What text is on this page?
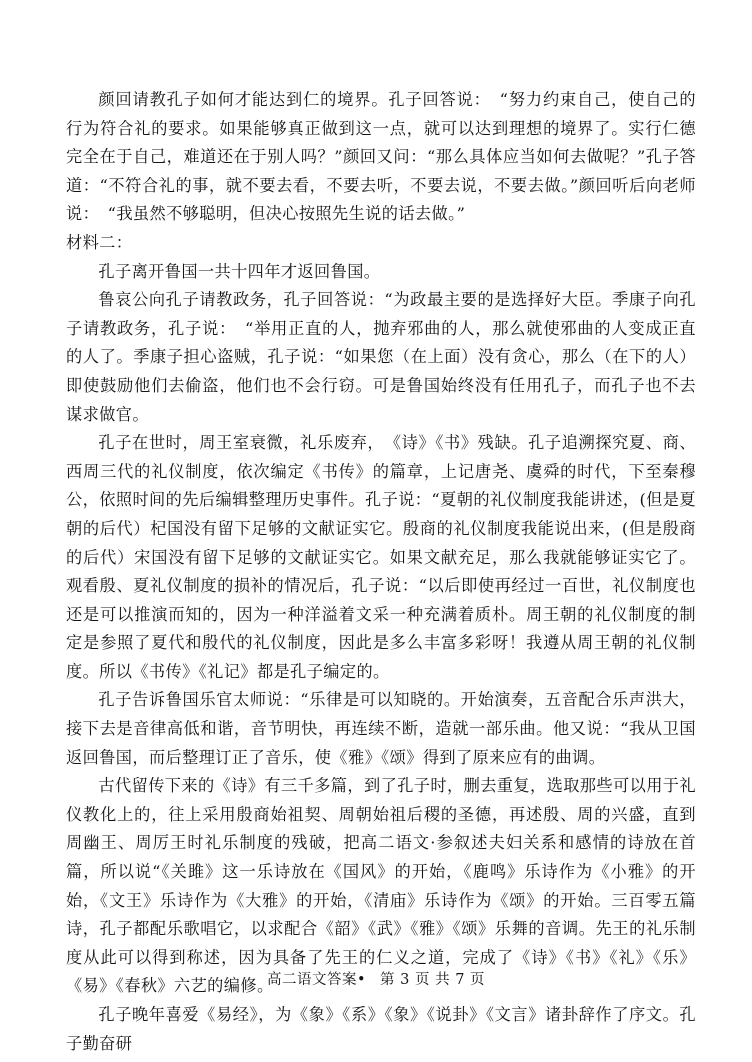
颜回请教孔子如何才能达到仁的境界。孔子回答说：　“努力约束自己，使自己的行为符合礼的要求。如果能够真正做到这一点，就可以达到理想的境界了。实行仁德完全在于自己，难道还在于别人吗？”颜回又问：“那么具体应当如何去做呢？”孔子答道：“不符合礼的事，就不要去看，不要去听，不要去说，不要去做。”颜回听后向老师说：　“我虽然不够聪明，但决心按照先生说的话去做。”

材料二：

孔子离开鲁国一共十四年才返回鲁国。

鲁哀公向孔子请教政务，孔子回答说：“为政最主要的是选择好大臣。季康子向孔子请教政务，孔子说：　“举用正直的人，抛弃邪曲的人，那么就使邪曲的人变成正直的人了。季康子担心盗贼，孔子说：“如果您（在上面）没有贪心，那么（在下的人）即使鼓励他们去偷盗，他们也不会行窃。可是鲁国始终没有任用孔子，而孔子也不去谋求做官。

孔子在世时，周王室衰微，礼乐废弃，　《诗》《书》残缺。孔子追溯探究夏、商、西周三代的礼仪制度，依次编定《书传》的篇章，上记唐尧、虞舜的时代，下至秦穆公，依照时间的先后编辑整理历史事件。孔子说：“夏朝的礼仪制度我能讲述，(但是夏朝的后代）杞国没有留下足够的文献证实它。殷商的礼仪制度我能说出来，(但是殷商的后代）宋国没有留下足够的文献证实它。如果文献充足，那么我就能够证实它了。观看殷、夏礼仪制度的损补的情况后，孔子说：“以后即使再经过一百世，礼仪制度也还是可以推演而知的，因为一种洋溢着文采一种充满着质朴。周王朝的礼仪制度的制定是参照了夏代和殷代的礼仪制度，因此是多么丰富多彩呀！我遵从周王朝的礼仪制度。所以《书传》《礼记》都是孔子编定的。

孔子告诉鲁国乐官太师说：“乐律是可以知晓的。开始演奏，五音配合乐声洪大，接下去是音律高低和谐，音节明快，再连续不断，造就一部乐曲。他又说：“我从卫国返回鲁国，而后整理订正了音乐，使《雅》《颂》得到了原来应有的曲调。

古代留传下来的《诗》有三千多篇，到了孔子时，删去重复，选取那些可以用于礼仪教化上的，往上采用殷商始祖契、周朝始祖后稷的圣德，再述殷、周的兴盛，直到周幽王、周厉王时礼乐制度的残破，把高二语文·参叙述夫妇关系和感情的诗放在首篇，所以说“《关雎》这一乐诗放在《国风》的开始，《鹿鸣》乐诗作为《小雅》的开始，《文王》乐诗作为《大雅》的开始，《清庙》乐诗作为《颂》的开始。三百零五篇诗，孔子都配乐歌唱它，以求配合《韶》《武》《雅》《颂》乐舞的音调。先王的礼乐制度从此可以得到称述，因为具备了先王的仁义之道，完成了《诗》《书》《礼》《乐》《易》《春秋》六艺的编修。

孔子晚年喜爱《易经》，为《象》《系》《象》《说卦》《文言》诸卦辞作了序文。孔子勤奋研

高二语文答案• 第 3 页 共 7 页
